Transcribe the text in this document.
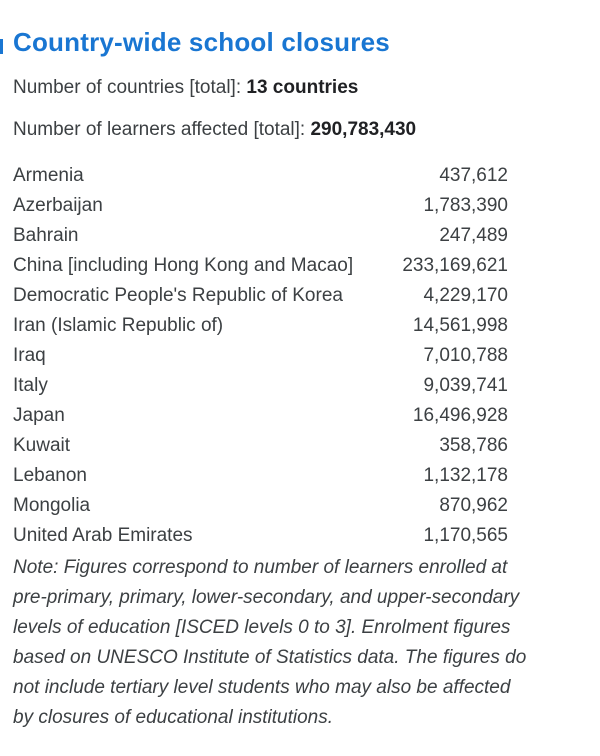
Country-wide school closures

Number of countries [total]: 13 countries

Number of learners affected [total]: 290,783,430

Armenia	437,612
Azerbaijan	1,783,390
Bahrain	247,489
China [including Hong Kong and Macao]	233,169,621
Democratic People's Republic of Korea	4,229,170
Iran (Islamic Republic of)	14,561,998
Iraq	7,010,788
Italy	9,039,741
Japan	16,496,928
Kuwait	358,786
Lebanon	1,132,178
Mongolia	870,962
United Arab Emirates	1,170,565
Note: Figures correspond to number of learners enrolled at
pre-primary, primary, lower-secondary, and upper-secondary
levels of education [ISCED levels 0 to 3]. Enrolment figures
based on UNESCO Institute of Statistics data. The figures do
not include tertiary level students who may also be affected
by closures of educational institutions.
